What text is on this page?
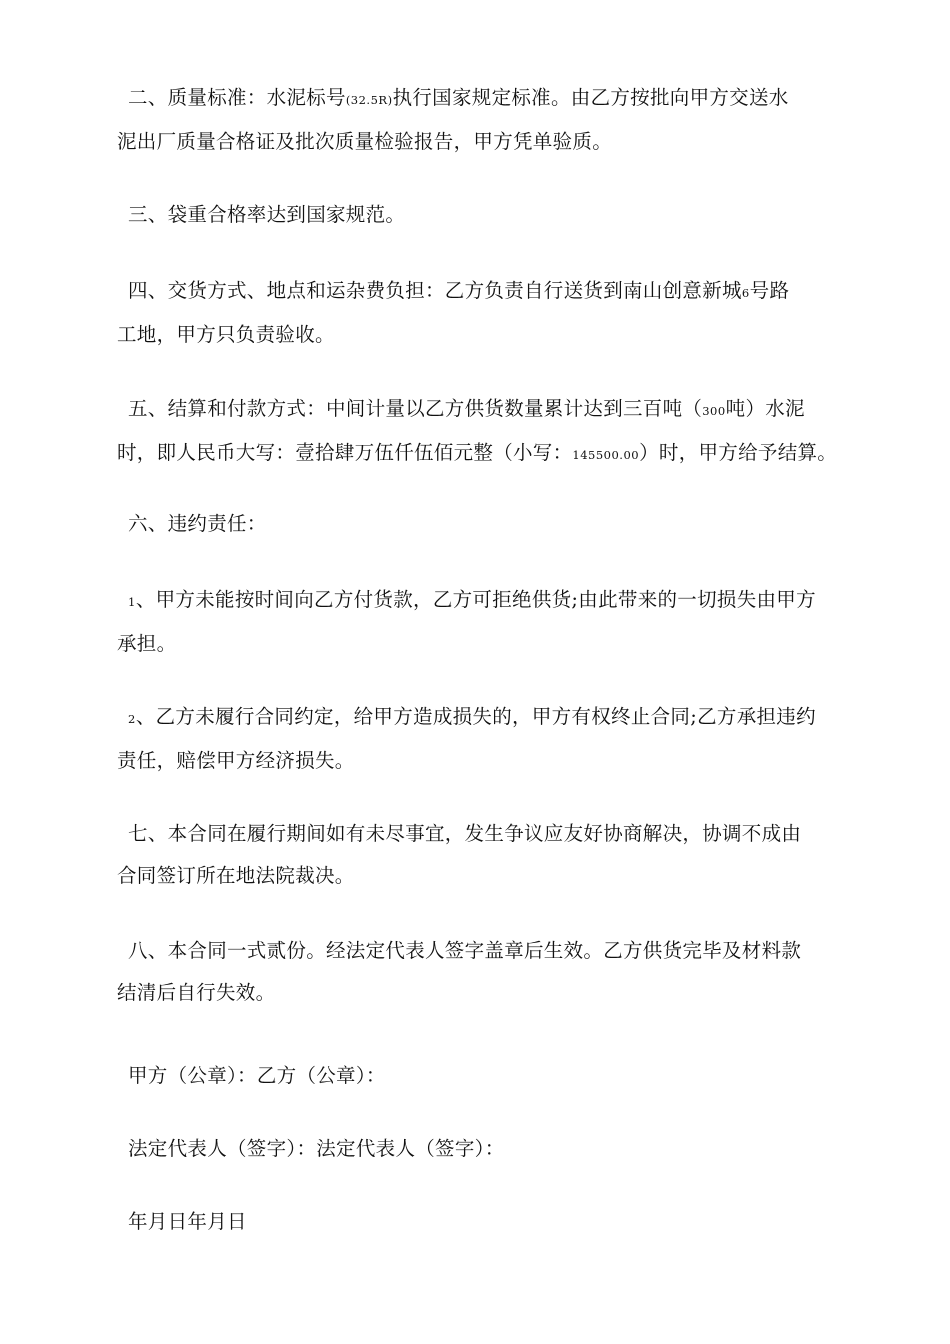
二、质量标准：水泥标号(32.5R)执行国家规定标准。由乙方按批向甲方交送水
泥出厂质量合格证及批次质量检验报告，甲方凭单验质。
三、袋重合格率达到国家规范。
四、交货方式、地点和运杂费负担：乙方负责自行送货到南山创意新城6号路
工地，甲方只负责验收。
五、结算和付款方式：中间计量以乙方供货数量累计达到三百吨（300吨）水泥
时，即人民币大写：壹拾肆万伍仟伍佰元整（小写：145500.00）时，甲方给予结算。
六、违约责任：
1、甲方未能按时间向乙方付货款，乙方可拒绝供货;由此带来的一切损失由甲方
承担。
2、乙方未履行合同约定，给甲方造成损失的，甲方有权终止合同;乙方承担违约
责任，赔偿甲方经济损失。
七、本合同在履行期间如有未尽事宜，发生争议应友好协商解决，协调不成由
合同签订所在地法院裁决。
八、本合同一式贰份。经法定代表人签字盖章后生效。乙方供货完毕及材料款
结清后自行失效。
甲方（公章）：乙方（公章）：
法定代表人（签字）：法定代表人（签字）：
年月日年月日
